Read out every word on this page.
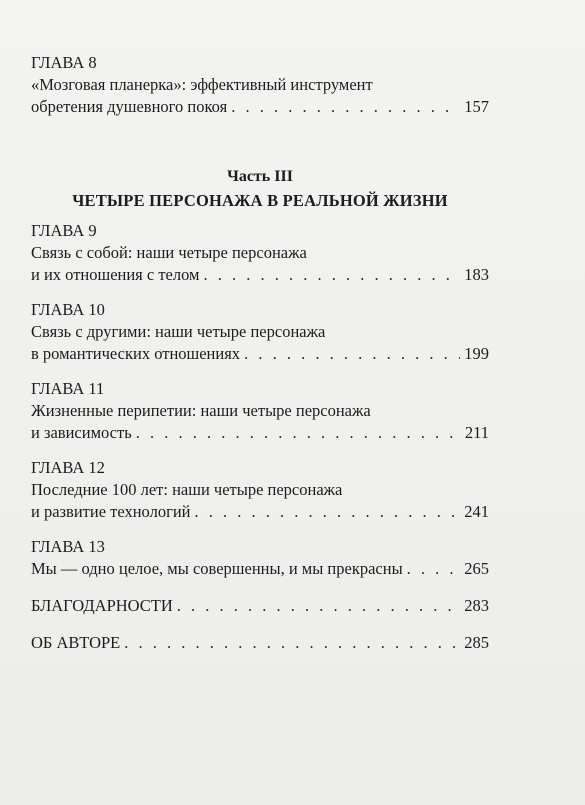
ГЛАВА 8
«Мозговая планерка»: эффективный инструмент
обретения душевного покоя . . .	157
Часть III
ЧЕТЫРЕ ПЕРСОНАЖА В РЕАЛЬНОЙ ЖИЗНИ
ГЛАВА 9
Связь с собой: наши четыре персонажа
и их отношения с телом . . .	183
ГЛАВА 10
Связь с другими: наши четыре персонажа
в романтических отношениях . . .	199
ГЛАВА 11
Жизненные перипетии: наши четыре персонажа
и зависимость . . .	211
ГЛАВА 12
Последние 100 лет: наши четыре персонажа
и развитие технологий . . .	241
ГЛАВА 13
Мы — одно целое, мы совершенны, и мы прекрасны . . .	265
БЛАГОДАРНОСТИ . . .	283
ОБ АВТОРЕ . . .	285
